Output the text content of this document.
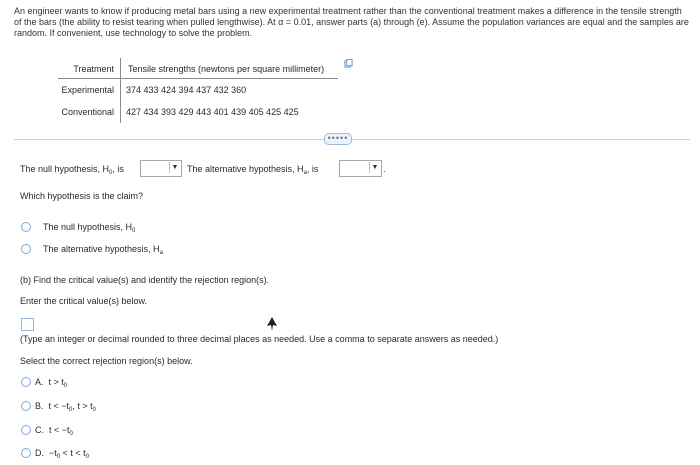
An engineer wants to know if producing metal bars using a new experimental treatment rather than the conventional treatment makes a difference in the tensile strength of the bars (the ability to resist tearing when pulled lengthwise). At α = 0.01, answer parts (a) through (e). Assume the population variances are equal and the samples are random. If convenient, use technology to solve the problem.
Treatment	Tensile strengths (newtons per square millimeter)
Experimental	374 433 424 394 437 432 360
Conventional	427 434 393 429 443 401 439 405 425 425
•••••
The null hypothesis, $H_0$, is	▼ The alternative hypothesis, $H_a$, is	▼ .
Which hypothesis is the claim?
The null hypothesis, $H_0$
The alternative hypothesis, $H_a$
(b) Find the critical value(s) and identify the rejection region(s).
Enter the critical value(s) below.
(Type an integer or decimal rounded to three decimal places as needed. Use a comma to separate answers as needed.)
Select the correct rejection region(s) below.
A. $t > t_0$
B. $t < -t_0$, $t > t_0$
C. $t < -t_0$
D. $-t_0 < t < t_0$
